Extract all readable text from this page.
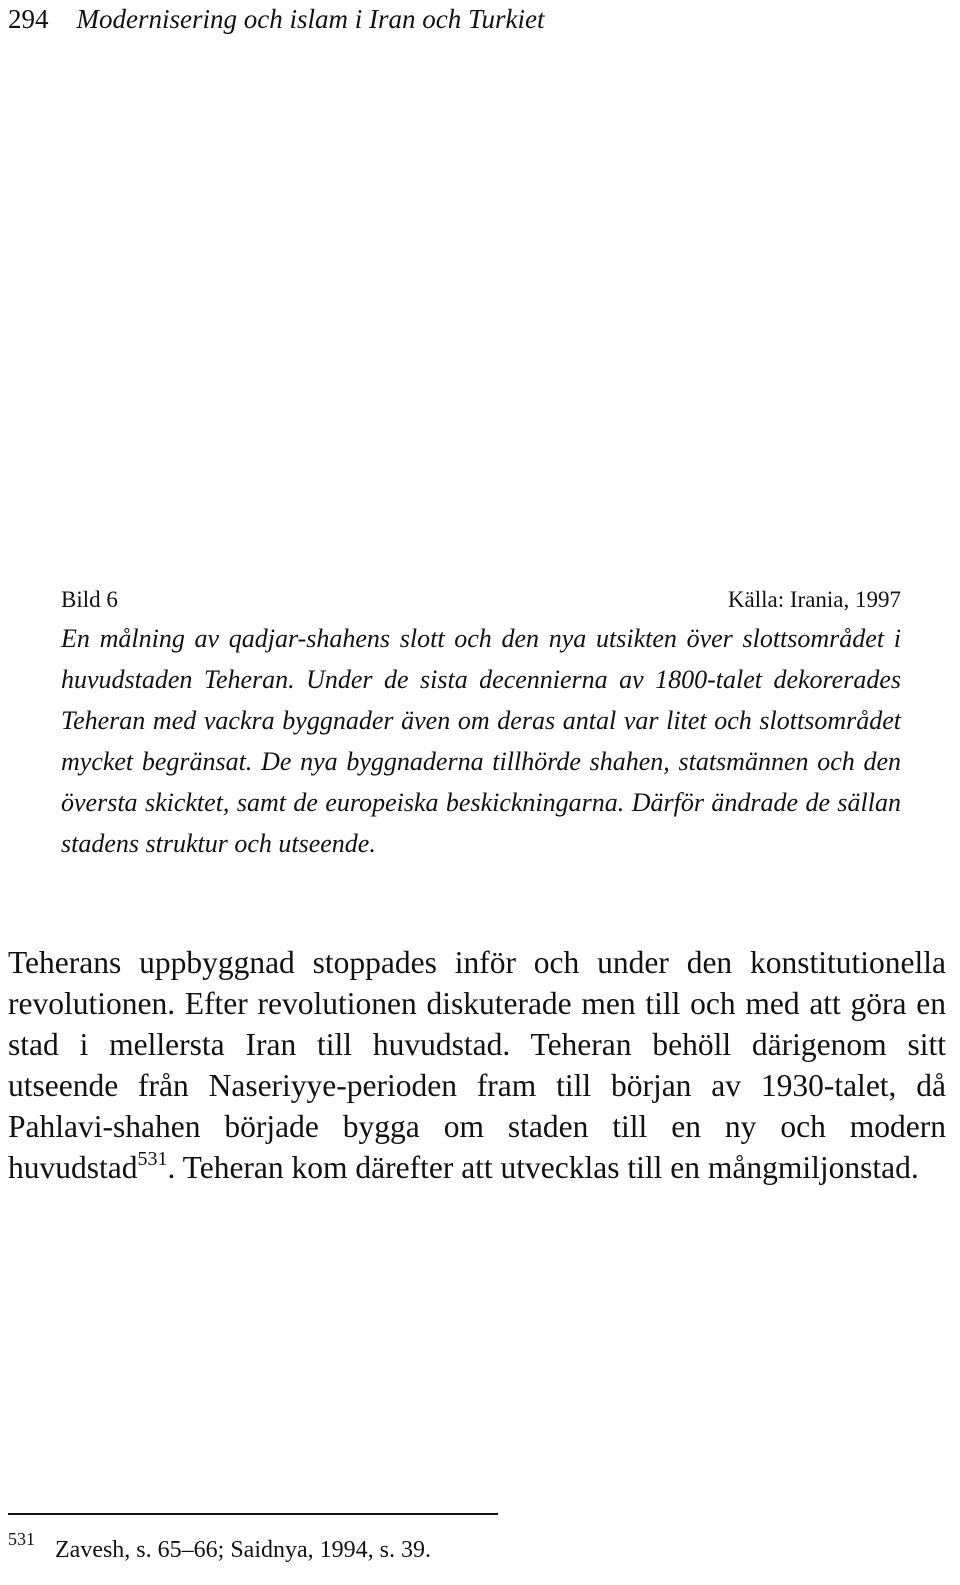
294 Modernisering och islam i Iran och Turkiet
Bild 6	Källa: Irania, 1997

En målning av qadjar-shahens slott och den nya utsikten över slottsområdet i huvudstaden Teheran. Under de sista decennierna av 1800-talet dekorerades Teheran med vackra byggnader även om deras antal var litet och slottsområdet mycket begränsat. De nya byggnaderna tillhörde shahen, statsmännen och den översta skicktet, samt de europeiska beskickningarna. Därför ändrade de sällan stadens struktur och utseende.

Teherans uppbyggnad stoppades inför och under den konstitutionella revolutionen. Efter revolutionen diskuterade men till och med att göra en stad i mellersta Iran till huvudstad. Teheran behöll därigenom sitt utseende från Naseriyye-perioden fram till början av 1930-talet, då Pahlavi-shahen började bygga om staden till en ny och modern huvudstad$^{531}$. Teheran kom därefter att utvecklas till en mångmiljonstad.

$^{531}$ Zavesh, s. 65–66; Saidnya, 1994, s. 39.
